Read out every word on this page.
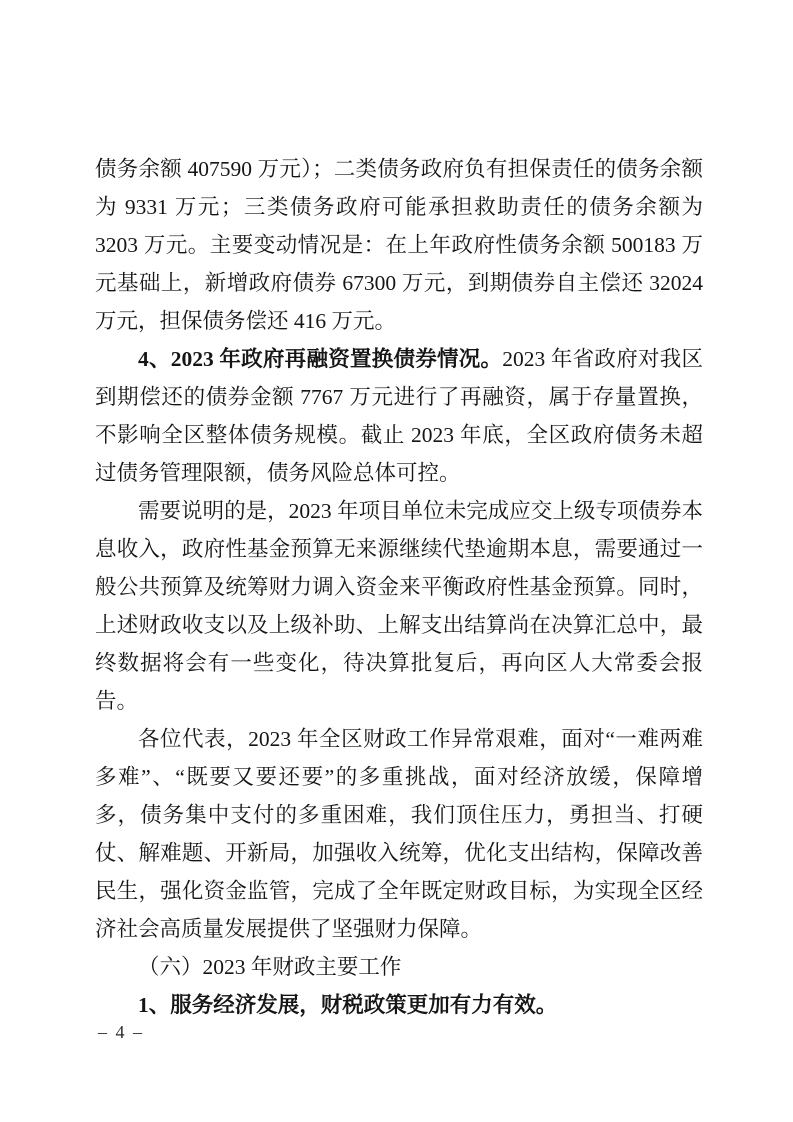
债务余额 407590 万元）；二类债务政府负有担保责任的债务余额为 9331 万元；三类债务政府可能承担救助责任的债务余额为 3203 万元。主要变动情况是：在上年政府性债务余额 500183 万元基础上，新增政府债券 67300 万元，到期债券自主偿还 32024 万元，担保债务偿还 416 万元。

4、2023 年政府再融资置换债券情况。2023 年省政府对我区到期偿还的债券金额 7767 万元进行了再融资，属于存量置换，不影响全区整体债务规模。截止 2023 年底，全区政府债务未超过债务管理限额，债务风险总体可控。

需要说明的是，2023 年项目单位未完成应交上级专项债券本息收入，政府性基金预算无来源继续代垫逾期本息，需要通过一般公共预算及统筹财力调入资金来平衡政府性基金预算。同时，上述财政收支以及上级补助、上解支出结算尚在决算汇总中，最终数据将会有一些变化，待决算批复后，再向区人大常委会报告。

各位代表，2023 年全区财政工作异常艰难，面对“一难两难多难”、“既要又要还要”的多重挑战，面对经济放缓，保障增多，债务集中支付的多重困难，我们顶住压力，勇担当、打硬仗、解难题、开新局，加强收入统筹，优化支出结构，保障改善民生，强化资金监管，完成了全年既定财政目标，为实现全区经济社会高质量发展提供了坚强财力保障。

（六）2023 年财政主要工作

1、服务经济发展，财税政策更加有力有效。

– 4 –
